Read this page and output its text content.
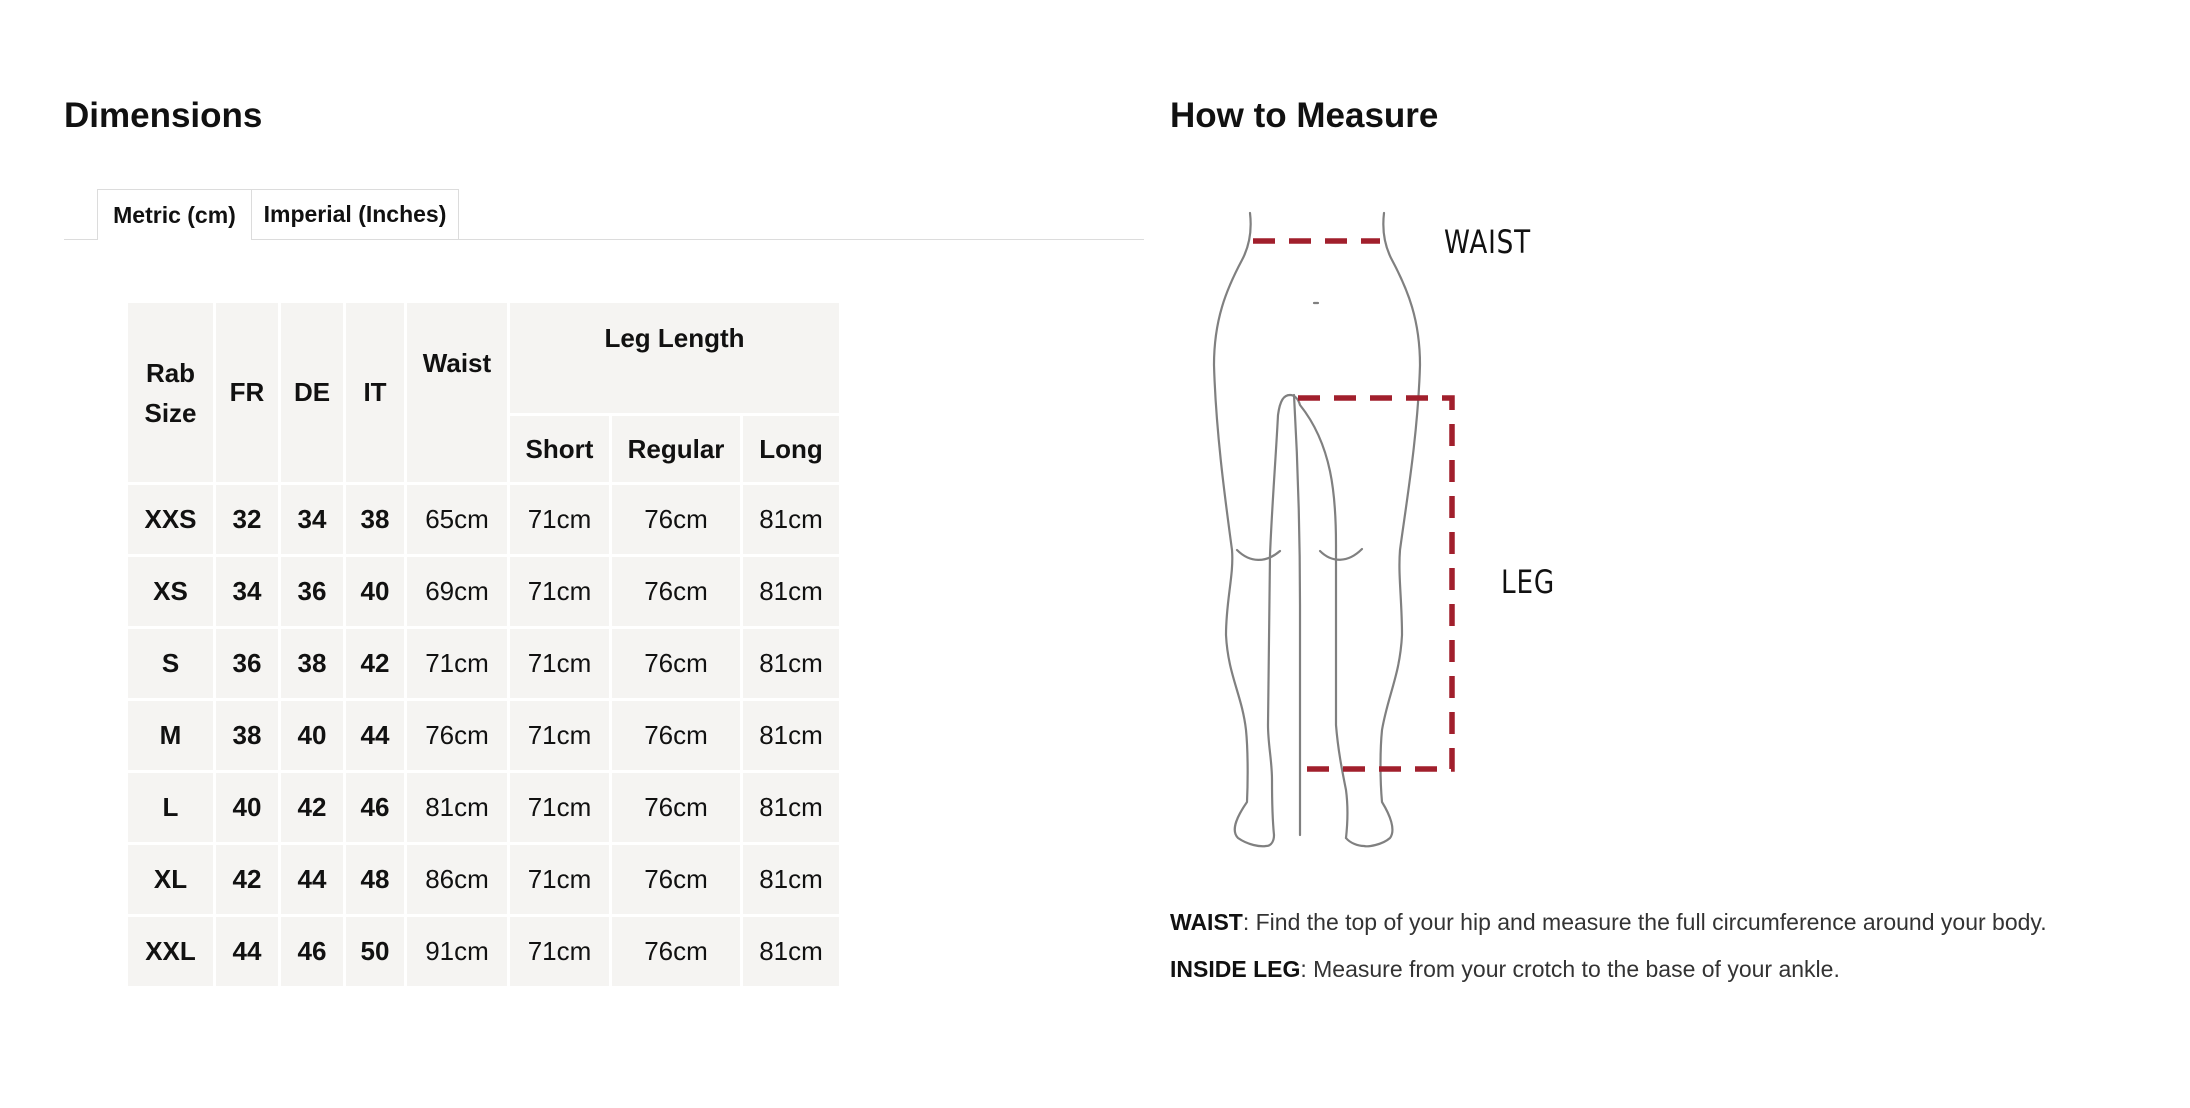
Dimensions
Metric (cm)	Imperial (Inches)
Rab Size	FR	DE	IT	Waist	Leg Length		
					Short	Regular	Long
XXS	32	34	38	65cm	71cm	76cm	81cm
XS	34	36	40	69cm	71cm	76cm	81cm
S	36	38	42	71cm	71cm	76cm	81cm
M	38	40	44	76cm	71cm	76cm	81cm
L	40	42	46	81cm	71cm	76cm	81cm
XL	42	44	48	86cm	71cm	76cm	81cm
XXL	44	46	50	91cm	71cm	76cm	81cm
How to Measure
WAIST
LEG

WAIST: Find the top of your hip and measure the full circumference around your body.

INSIDE LEG: Measure from your crotch to the base of your ankle.
